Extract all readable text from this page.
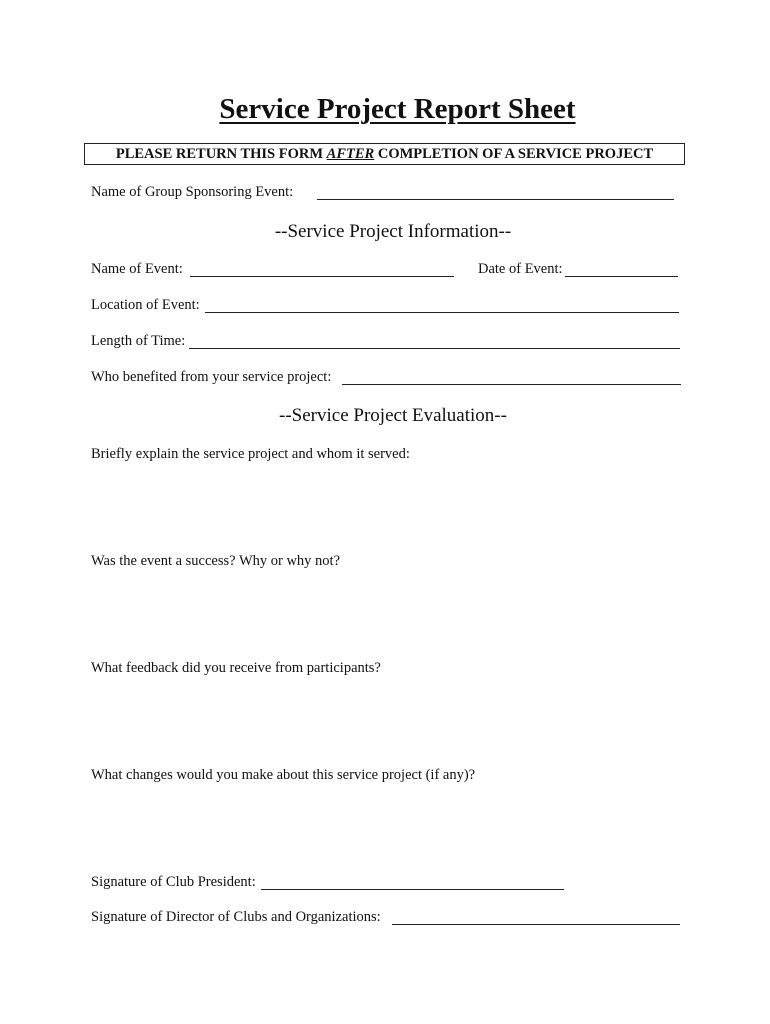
Service Project Report Sheet
PLEASE RETURN THIS FORM AFTER COMPLETION OF A SERVICE PROJECT
Name of Group Sponsoring Event:
--Service Project Information--
Name of Event:	Date of Event:
Location of Event:
Length of Time:
Who benefited from your service project:
--Service Project Evaluation--
Briefly explain the service project and whom it served:
Was the event a success? Why or why not?
What feedback did you receive from participants?
What changes would you make about this service project (if any)?
Signature of Club President:
Signature of Director of Clubs and Organizations:
